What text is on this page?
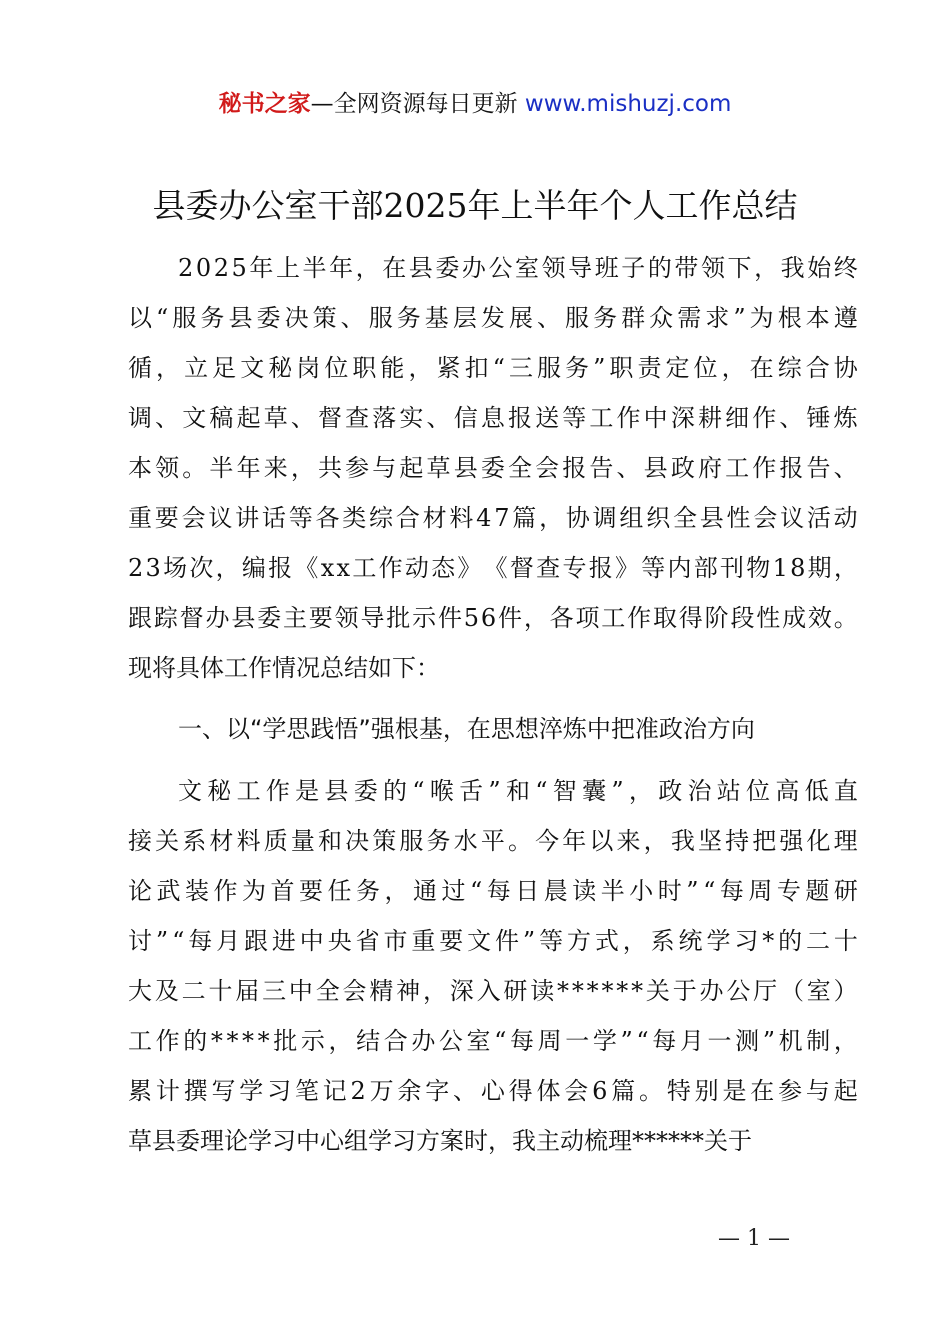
秘书之家—全网资源每日更新 www.mishuzj.com
县委办公室干部2025年上半年个人工作总结
2 0 2 5 年 上 半 年 ， 在 县 委 办 公 室 领 导 班 子 的 带 领 下 ， 我 始 终
以 “ 服 务 县 委 决 策 、 服 务 基 层 发 展 、 服 务 群 众 需 求 ” 为 根 本 遵
循 ， 立 足 文 秘 岗 位 职 能 ， 紧 扣 “ 三 服 务 ” 职 责 定 位 ， 在 综 合 协
调 、 文 稿 起 草 、 督 查 落 实 、 信 息 报 送 等 工 作 中 深 耕 细 作 、 锤 炼
本 领 。 半 年 来 ， 共 参 与 起 草 县 委 全 会 报 告 、 县 政 府 工 作 报 告 、
重 要 会 议 讲 话 等 各 类 综 合 材 料 4 7 篇 ， 协 调 组 织 全 县 性 会 议 活 动
2 3 场 次 ， 编 报 《 x x 工 作 动 态 》 《 督 查 专 报 》 等 内 部 刊 物 1 8 期 ，
跟 踪 督 办 县 委 主 要 领 导 批 示 件 5 6 件 ， 各 项 工 作 取 得 阶 段 性 成 效 。
现将具体工作情况总结如下：
一、以“学思践悟”强根基，在思想淬炼中把准政治方向
文 秘 工 作 是 县 委 的 “ 喉 舌 ” 和 “ 智 囊 ” ， 政 治 站 位 高 低 直
接 关 系 材 料 质 量 和 决 策 服 务 水 平 。 今 年 以 来 ， 我 坚 持 把 强 化 理
论 武 装 作 为 首 要 任 务 ， 通 过 “ 每 日 晨 读 半 小 时 ” “ 每 周 专 题 研
讨 ” “ 每 月 跟 进 中 央 省 市 重 要 文 件 ” 等 方 式 ， 系 统 学 习 * 的 二 十
大 及 二 十 届 三 中 全 会 精 神 ， 深 入 研 读 * * * * * * 关 于 办 公 厅 （ 室 ）
工 作 的 * * * * 批 示 ， 结 合 办 公 室 “ 每 周 一 学 ” “ 每 月 一 测 ” 机 制 ，
累 计 撰 写 学 习 笔 记 2 万 余 字 、 心 得 体 会 6 篇 。 特 别 是 在 参 与 起
草县委理论学习中心组学习方案时，我主动梳理******关于
— 1 —
